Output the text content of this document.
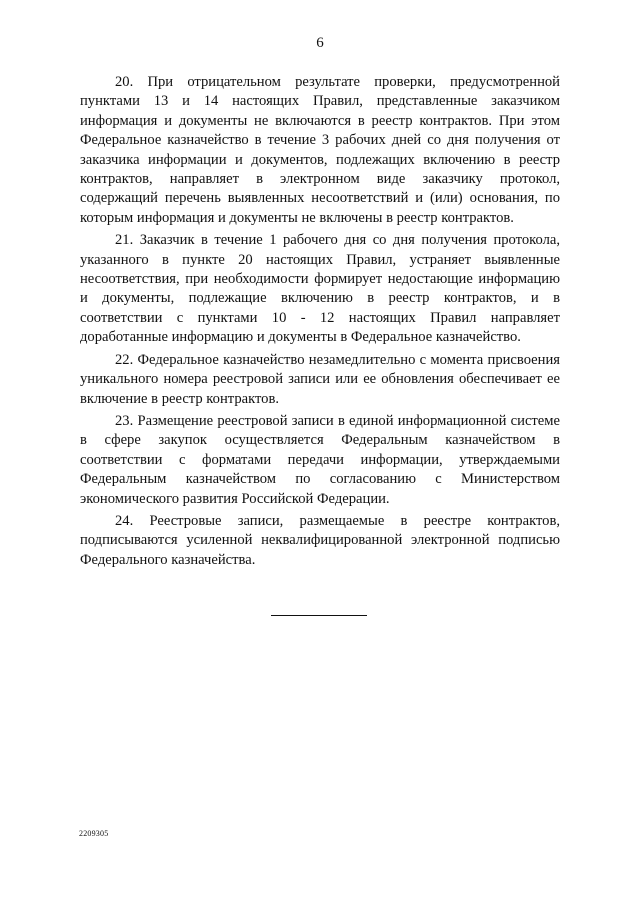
6

20. При отрицательном результате проверки, предусмотренной пунктами 13 и 14 настоящих Правил, представленные заказчиком информация и документы не включаются в реестр контрактов. При этом Федеральное казначейство в течение 3 рабочих дней со дня получения от заказчика информации и документов, подлежащих включению в реестр контрактов, направляет в электронном виде заказчику протокол, содержащий перечень выявленных несоответствий и (или) основания, по которым информация и документы не включены в реестр контрактов.

21. Заказчик в течение 1 рабочего дня со дня получения протокола, указанного в пункте 20 настоящих Правил, устраняет выявленные несоответствия, при необходимости формирует недостающие информацию и документы, подлежащие включению в реестр контрактов, и в соответствии с пунктами 10 - 12 настоящих Правил направляет доработанные информацию и документы в Федеральное казначейство.

22. Федеральное казначейство незамедлительно с момента присвоения уникального номера реестровой записи или ее обновления обеспечивает ее включение в реестр контрактов.

23. Размещение реестровой записи в единой информационной системе в сфере закупок осуществляется Федеральным казначейством в соответствии с форматами передачи информации, утверждаемыми Федеральным казначейством по согласованию с Министерством экономического развития Российской Федерации.

24. Реестровые записи, размещаемые в реестре контрактов, подписываются усиленной неквалифицированной электронной подписью Федерального казначейства.

2209305
